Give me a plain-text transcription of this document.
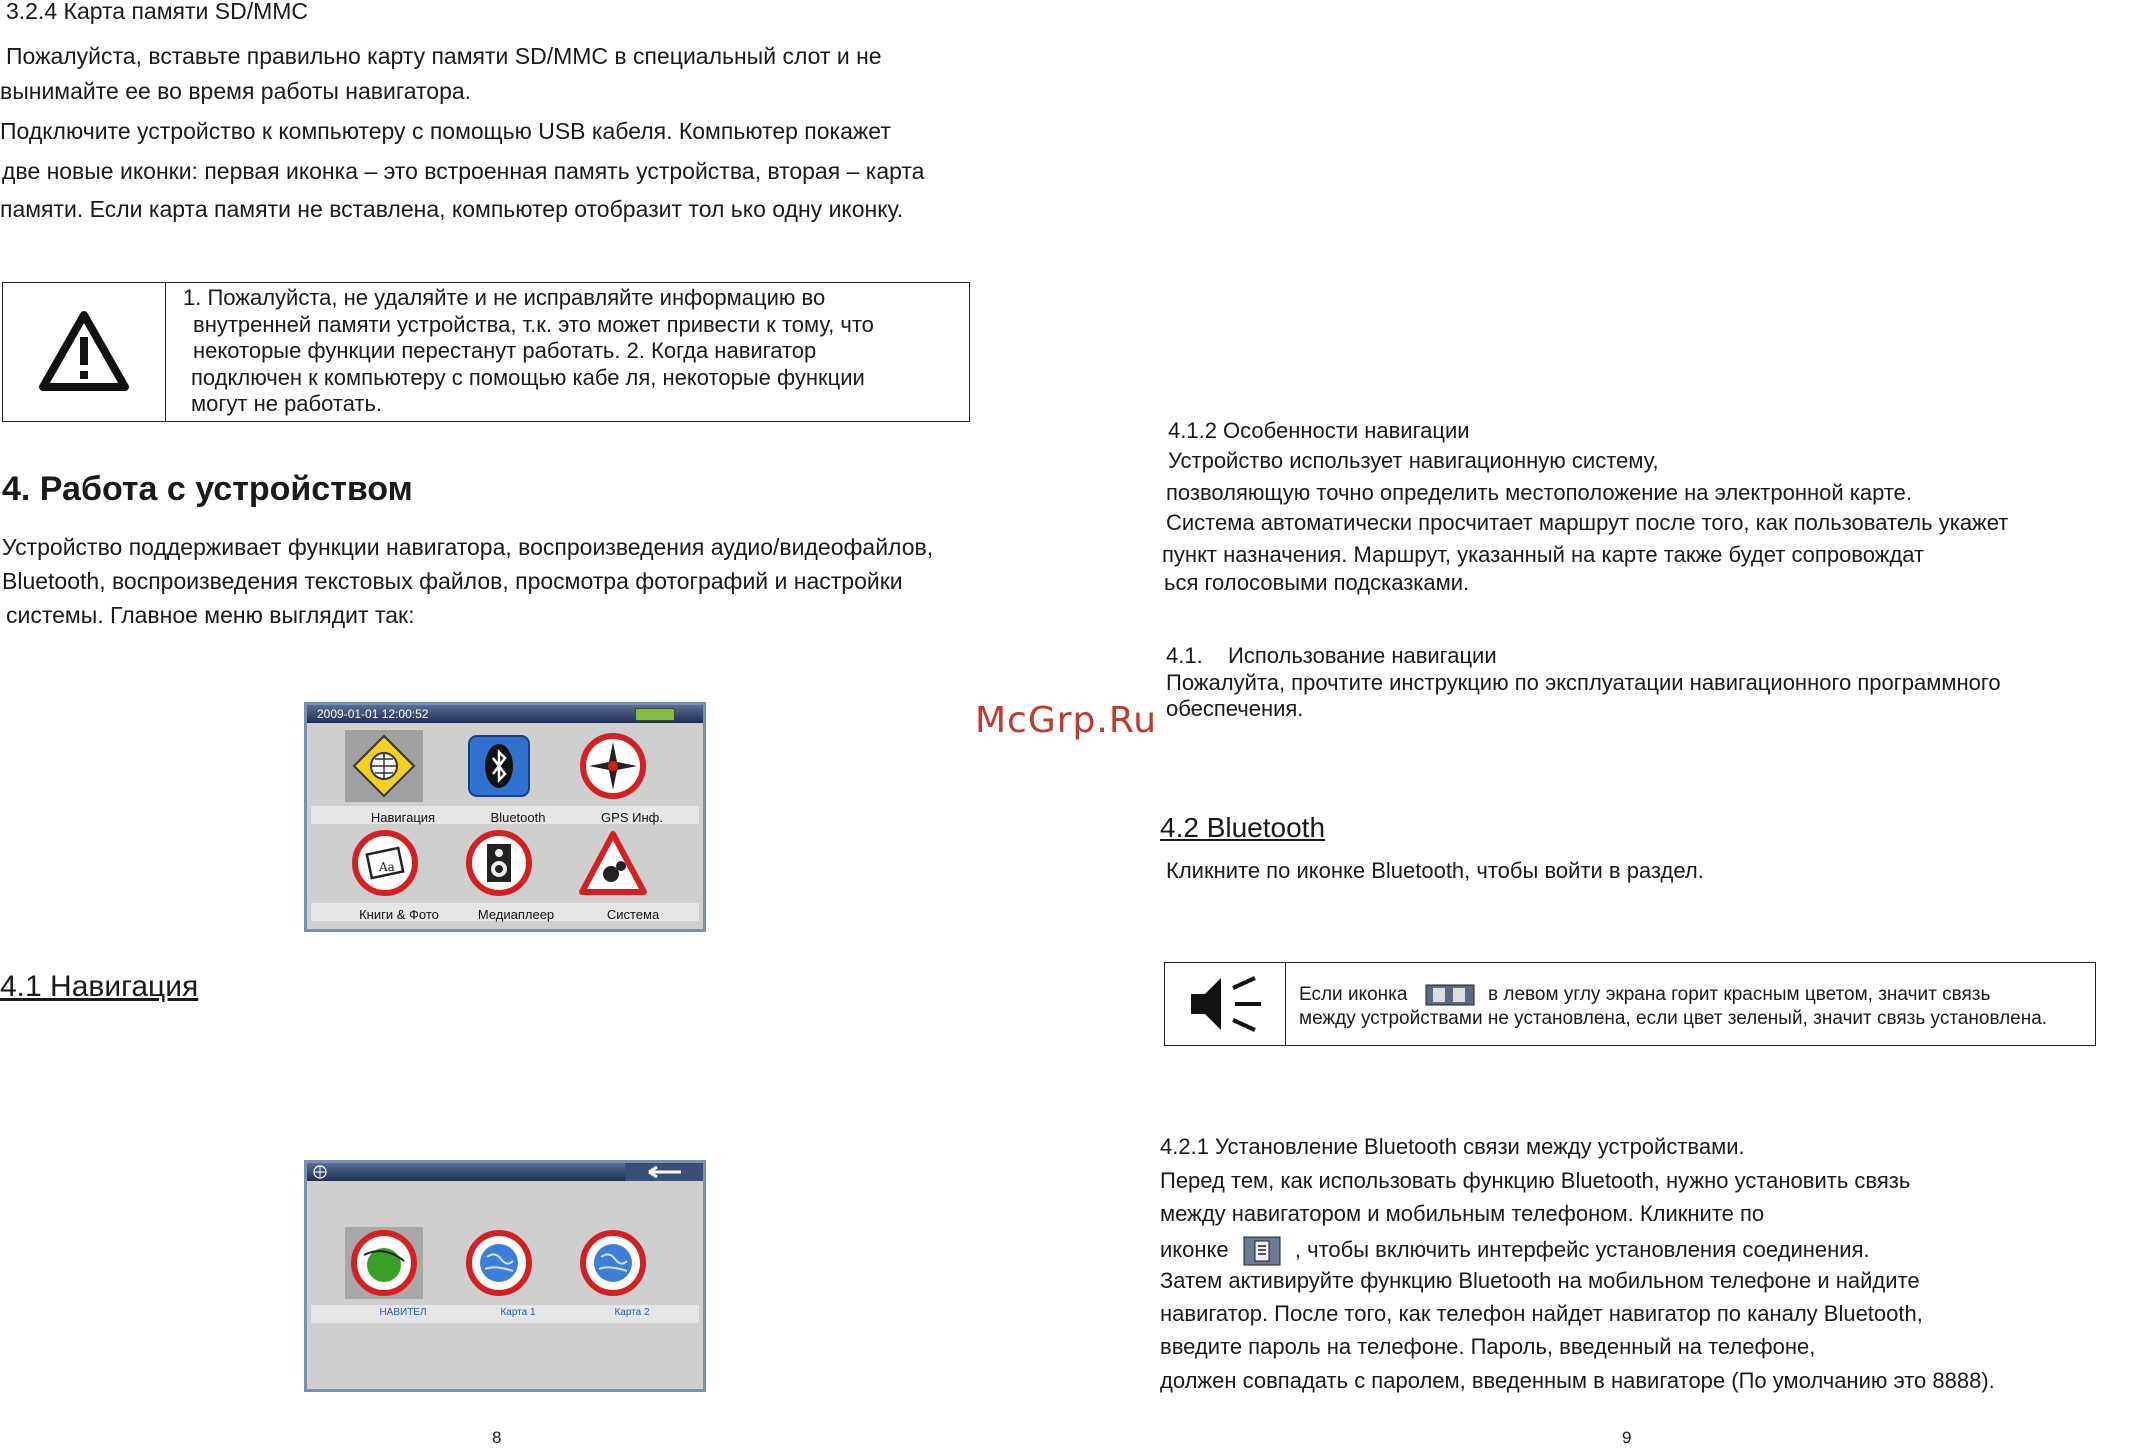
3.2.4 Карта памяти SD/MMC
Пожалуйста, вставьте правильно карту памяти SD/MMC в специальный слот и не
вынимайте ее во время работы навигатора.
Подключите устройство к компьютеру с помощью USB кабеля. Компьютер покажет
две новые иконки: первая иконка – это встроенная память устройства, вторая – карта
памяти. Если карта памяти не вставлена, компьютер отобразит тол ько одну иконку.
1. Пожалуйста, не удаляйте и не исправляйте информацию во
внутренней памяти устройства, т.к. это может привести к тому, что
некоторые функции перестанут работать. 2. Когда навигатор
подключен к компьютеру с помощью кабе ля, некоторые функции
могут не работать.
4. Работа с устройством
Устройство поддерживает функции навигатора, воспроизведения аудио/видеофайлов,
Bluetooth, воспроизведения текстовых файлов, просмотра фотографий и настройки
системы. Главное меню выглядит так:
2009-01-01 12:00:52
Навигация	Bluetooth	GPS Инф.
Aa
Книги & Фото	Медиаплеер	Система
4.1 Навигация
НАВИТЕЛ	Карта 1	Карта 2
8
4.1.2 Особенности навигации
Устройство использует навигационную систему,
позволяющую точно определить местоположение на электронной карте.
Система автоматически просчитает маршрут после того, как пользователь укажет
пункт назначения. Маршрут, указанный на карте также будет сопровождат
ься голосовыми подсказками.
4.1. Использование навигации
Пожалуйта, прочтите инструкцию по эксплуатации навигационного программного
обеспечения.
McGrp.Ru
4.2 Bluetooth
Кликните по иконке Bluetooth, чтобы войти в раздел.
Если иконка	в левом углу экрана горит красным цветом, значит связь
между устройствами не установлена, если цвет зеленый, значит связь установлена.
4.2.1 Установление Bluetooth связи между устройствами.
Перед тем, как использовать функцию Bluetooth, нужно установить связь
между навигатором и мобильным телефоном. Кликните по
иконке	, чтобы включить интерфейс установления соединения.
Затем активируйте функцию Bluetooth на мобильном телефоне и найдите
навигатор. После того, как телефон найдет навигатор по каналу Bluetooth,
введите пароль на телефоне. Пароль, введенный на телефоне,
должен совпадать с паролем, введенным в навигаторе (По умолчанию это 8888).
9
